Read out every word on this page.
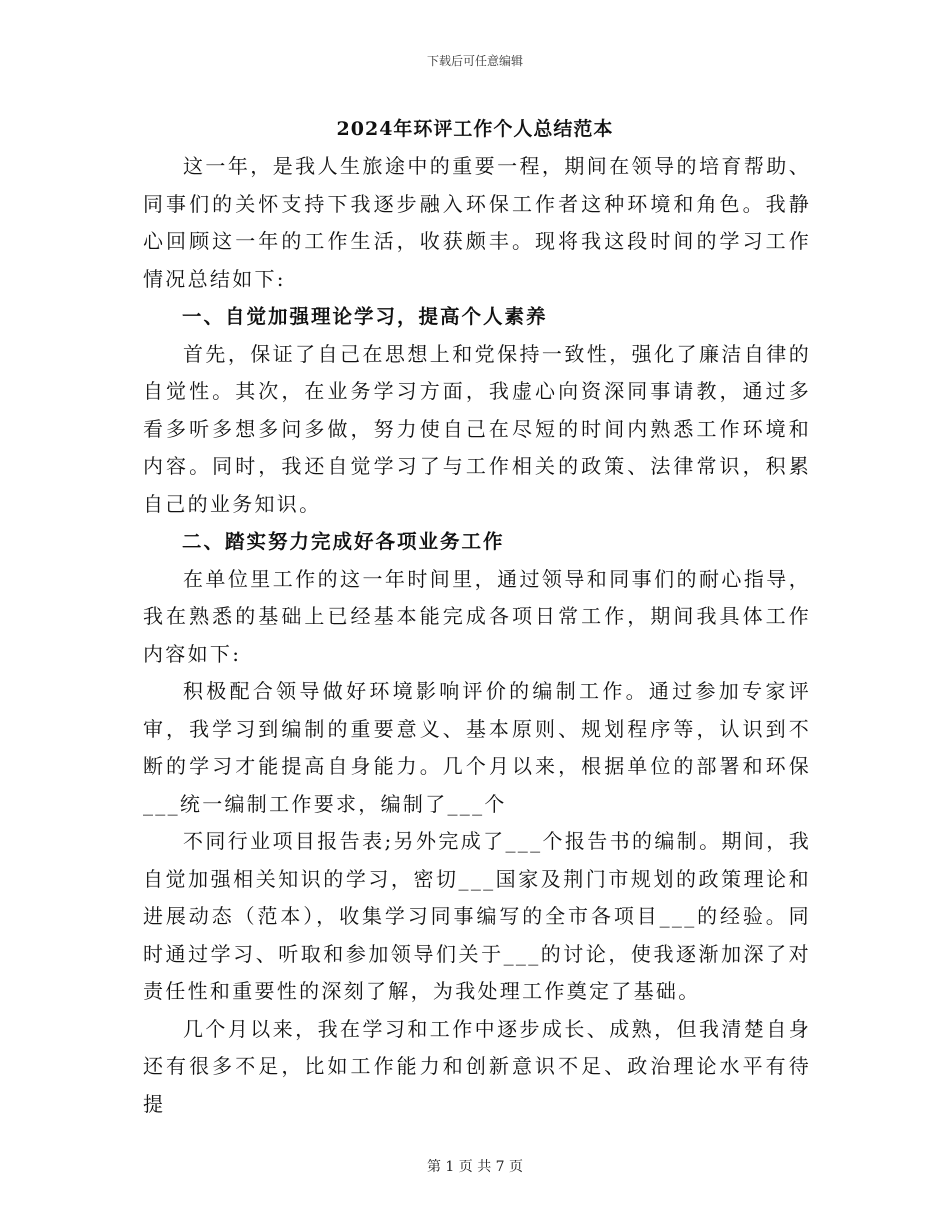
下载后可任意编辑
2024年环评工作个人总结范本

这一年，是我人生旅途中的重要一程，期间在领导的培育帮助、同事们的关怀支持下我逐步融入环保工作者这种环境和角色。我静心回顾这一年的工作生活，收获颇丰。现将我这段时间的学习工作情况总结如下:

一、自觉加强理论学习，提高个人素养

首先，保证了自己在思想上和党保持一致性，强化了廉洁自律的自觉性。其次，在业务学习方面，我虚心向资深同事请教，通过多看多听多想多问多做，努力使自己在尽短的时间内熟悉工作环境和内容。同时，我还自觉学习了与工作相关的政策、法律常识，积累自己的业务知识。

二、踏实努力完成好各项业务工作

在单位里工作的这一年时间里，通过领导和同事们的耐心指导，我在熟悉的基础上已经基本能完成各项日常工作，期间我具体工作内容如下:

积极配合领导做好环境影响评价的编制工作。通过参加专家评审，我学习到编制的重要意义、基本原则、规划程序等，认识到不断的学习才能提高自身能力。几个月以来，根据单位的部署和环保___统一编制工作要求，编制了___个

不同行业项目报告表;另外完成了___个报告书的编制。期间，我自觉加强相关知识的学习，密切___国家及荆门市规划的政策理论和进展动态（范本），收集学习同事编写的全市各项目___的经验。同时通过学习、听取和参加领导们关于___的讨论，使我逐渐加深了对责任性和重要性的深刻了解，为我处理工作奠定了基础。

几个月以来，我在学习和工作中逐步成长、成熟，但我清楚自身还有很多不足，比如工作能力和创新意识不足、政治理论水平有待提

第 1 页 共 7 页
